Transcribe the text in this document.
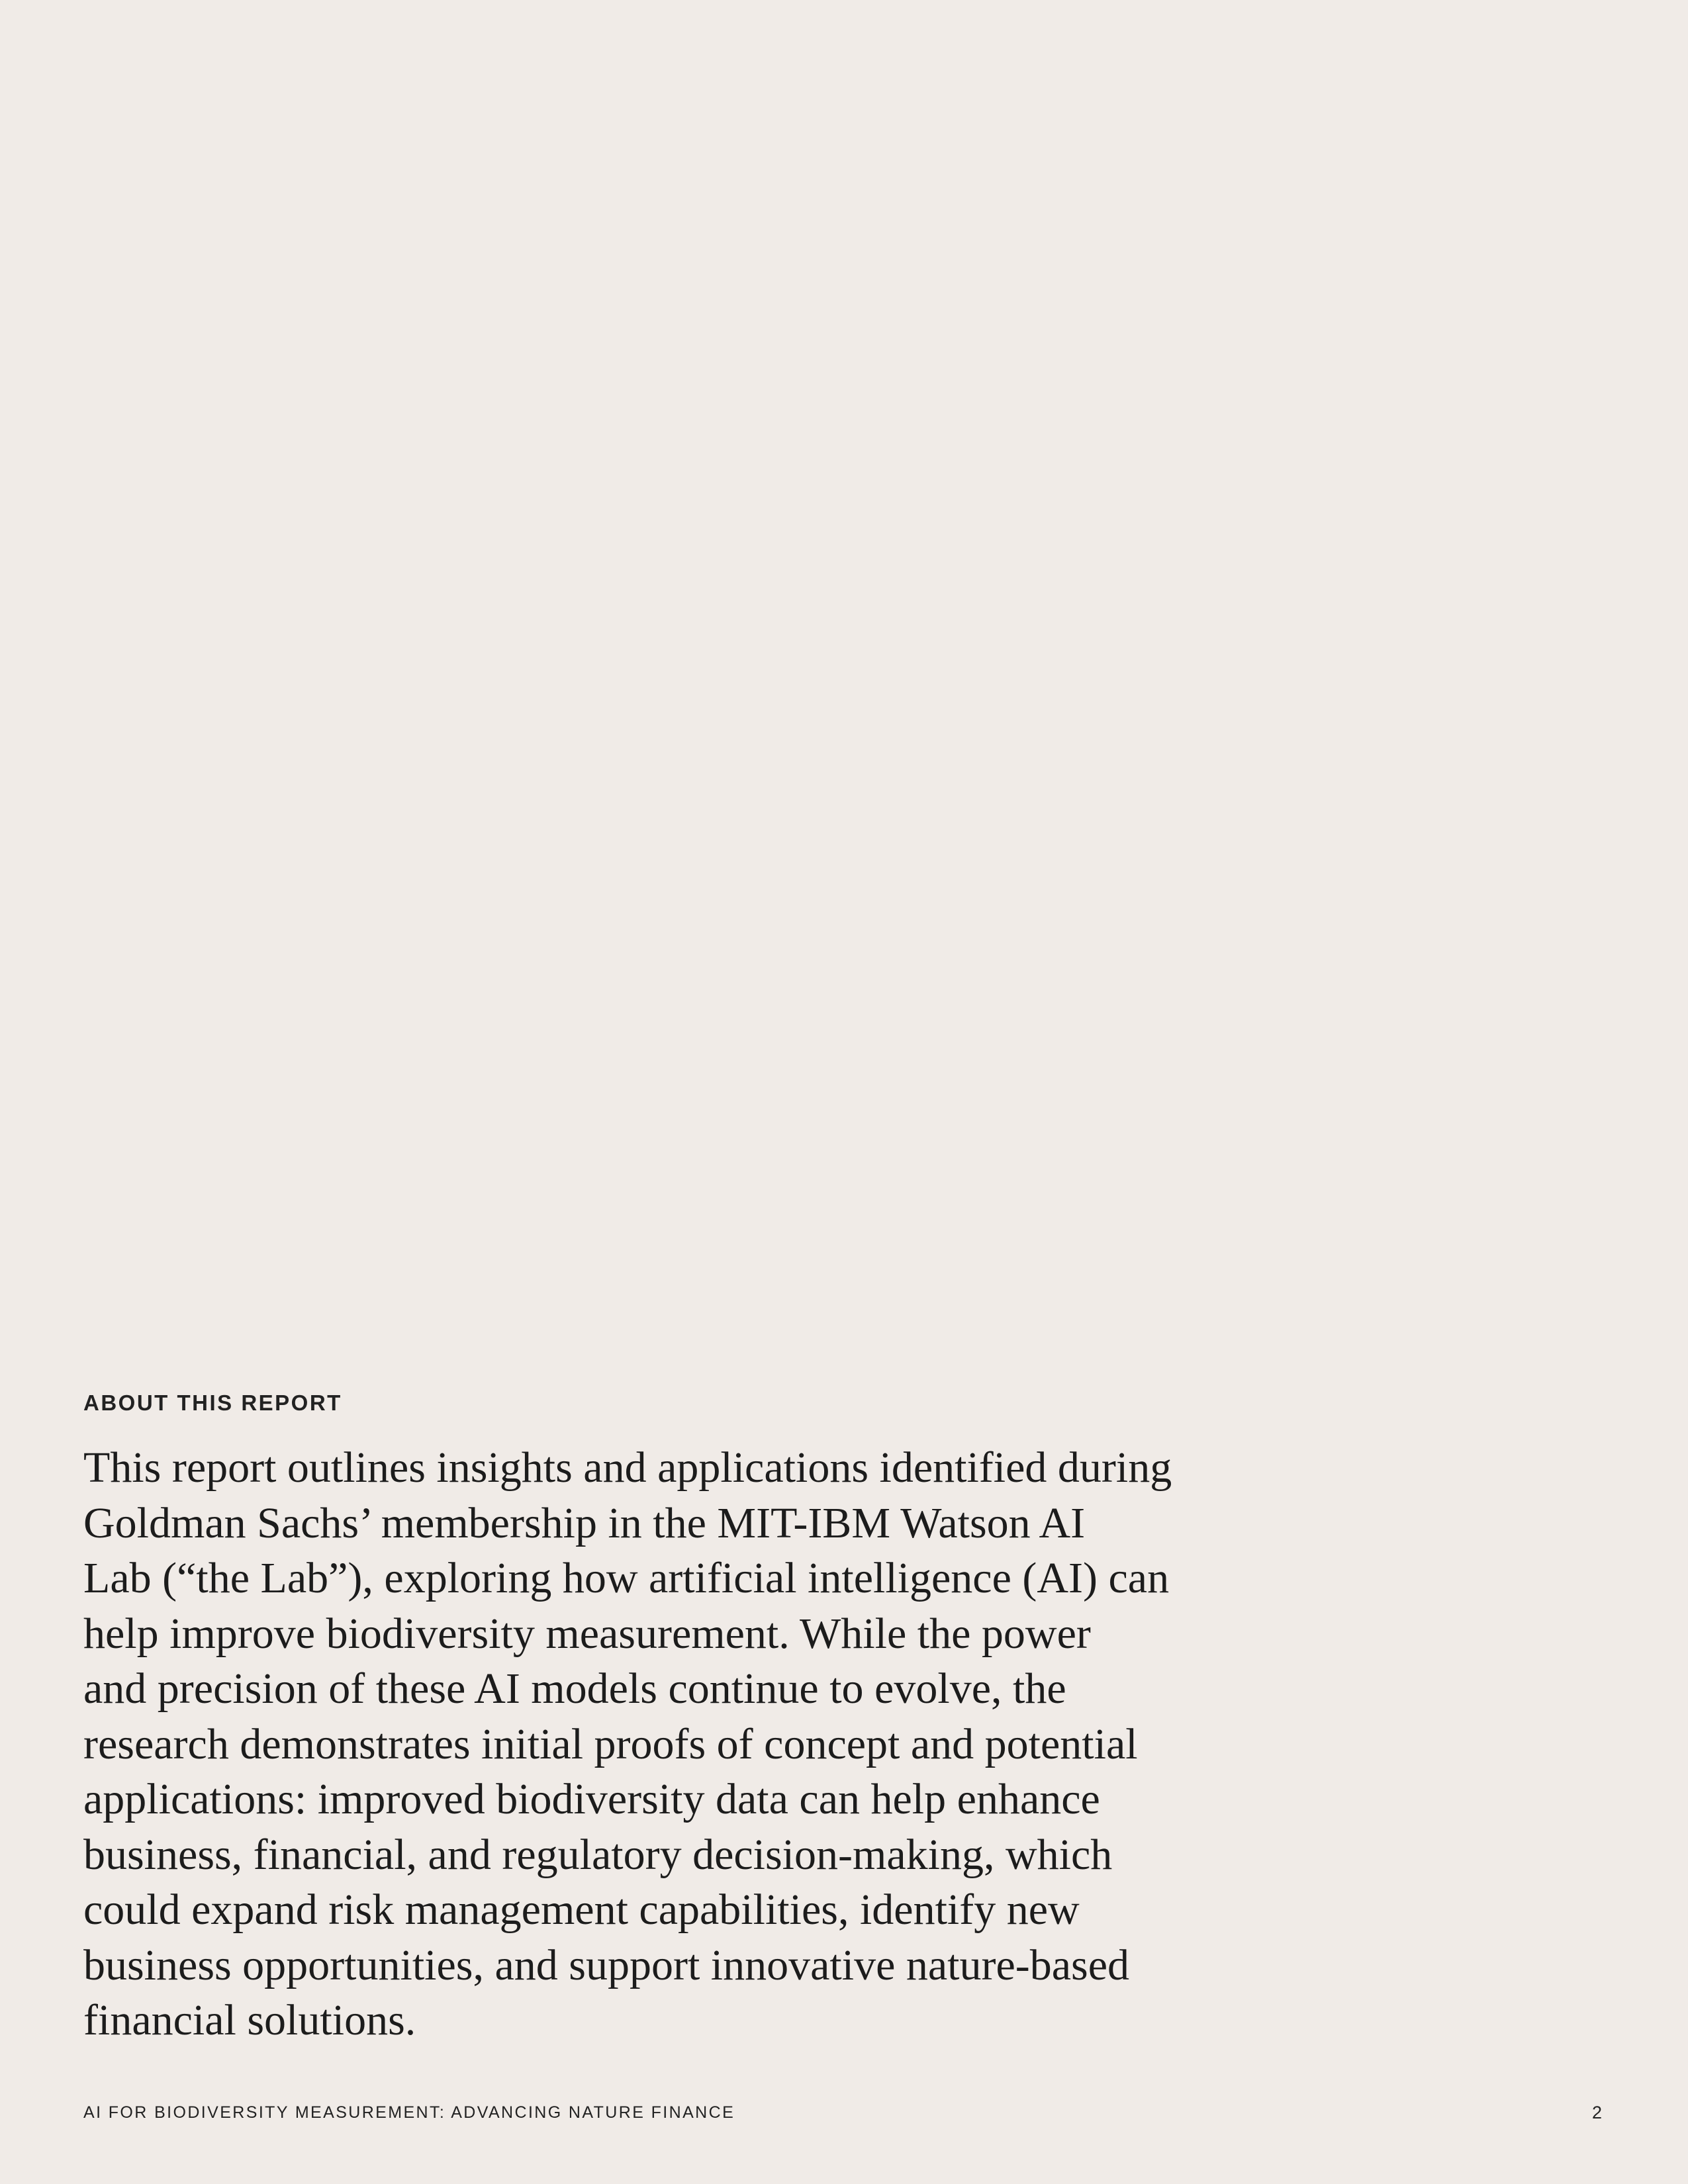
ABOUT THIS REPORT

This report outlines insights and applications identified during
Goldman Sachs’ membership in the MIT-IBM Watson AI
Lab (“the Lab”), exploring how artificial intelligence (AI) can
help improve biodiversity measurement. While the power
and precision of these AI models continue to evolve, the
research demonstrates initial proofs of concept and potential
applications: improved biodiversity data can help enhance
business, financial, and regulatory decision-making, which
could expand risk management capabilities, identify new
business opportunities, and support innovative nature-based
financial solutions.

AI FOR BIODIVERSITY MEASUREMENT: ADVANCING NATURE FINANCE	2
